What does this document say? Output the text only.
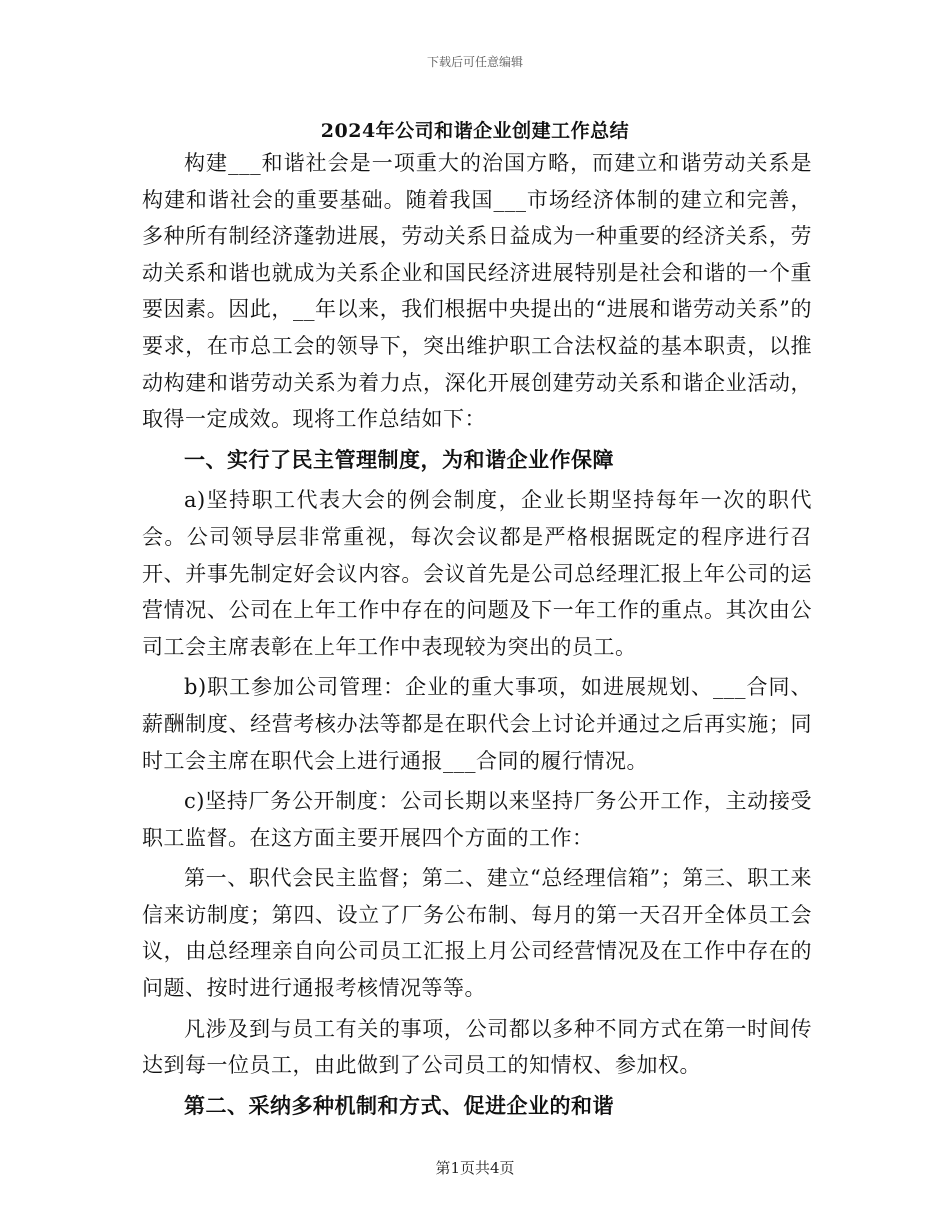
下载后可任意编辑
2024年公司和谐企业创建工作总结

构建___和谐社会是一项重大的治国方略，而建立和谐劳动关系是构建和谐社会的重要基础。随着我国___市场经济体制的建立和完善，多种所有制经济蓬勃进展，劳动关系日益成为一种重要的经济关系，劳动关系和谐也就成为关系企业和国民经济进展特别是社会和谐的一个重要因素。因此，__年以来，我们根据中央提出的“进展和谐劳动关系”的要求，在市总工会的领导下，突出维护职工合法权益的基本职责，以推动构建和谐劳动关系为着力点，深化开展创建劳动关系和谐企业活动，取得一定成效。现将工作总结如下：

一、实行了民主管理制度，为和谐企业作保障

a)坚持职工代表大会的例会制度，企业长期坚持每年一次的职代会。公司领导层非常重视，每次会议都是严格根据既定的程序进行召开、并事先制定好会议内容。会议首先是公司总经理汇报上年公司的运营情况、公司在上年工作中存在的问题及下一年工作的重点。其次由公司工会主席表彰在上年工作中表现较为突出的员工。

b)职工参加公司管理：企业的重大事项，如进展规划、___合同、薪酬制度、经营考核办法等都是在职代会上讨论并通过之后再实施；同时工会主席在职代会上进行通报___合同的履行情况。

c)坚持厂务公开制度：公司长期以来坚持厂务公开工作，主动接受职工监督。在这方面主要开展四个方面的工作：

第一、职代会民主监督；第二、建立“总经理信箱”；第三、职工来信来访制度；第四、设立了厂务公布制、每月的第一天召开全体员工会议，由总经理亲自向公司员工汇报上月公司经营情况及在工作中存在的问题、按时进行通报考核情况等等。

凡涉及到与员工有关的事项，公司都以多种不同方式在第一时间传达到每一位员工，由此做到了公司员工的知情权、参加权。

第二、采纳多种机制和方式、促进企业的和谐

第1页共4页
